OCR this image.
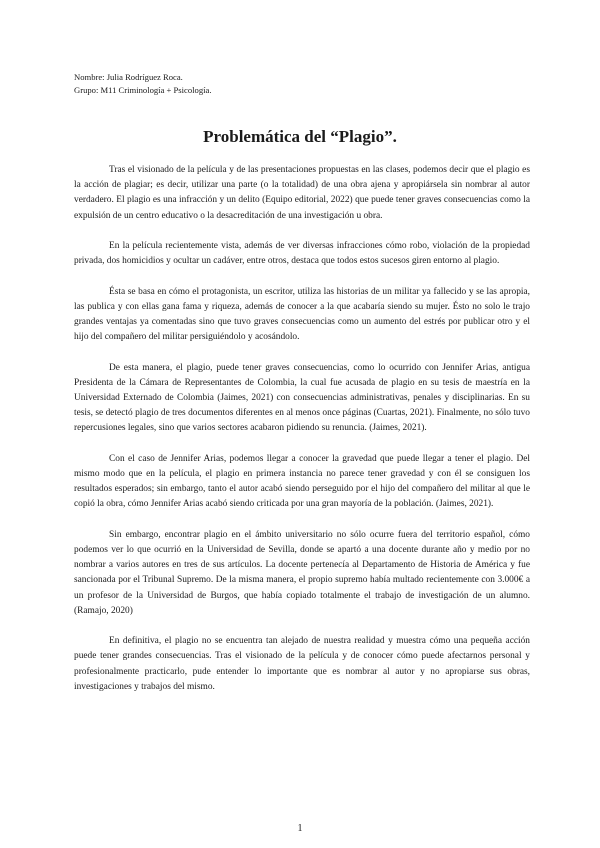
Nombre: Julia Rodríguez Roca.
Grupo: M11 Criminología + Psicología.
Problemática del “Plagio”.

Tras el visionado de la película y de las presentaciones propuestas en las clases, podemos decir que el plagio es la acción de plagiar; es decir, utilizar una parte (o la totalidad) de una obra ajena y apropiársela sin nombrar al autor verdadero. El plagio es una infracción y un delito (Equipo editorial, 2022) que puede tener graves consecuencias como la expulsión de un centro educativo o la desacreditación de una investigación u obra.

En la película recientemente vista, además de ver diversas infracciones cómo robo, violación de la propiedad privada, dos homicidios y ocultar un cadáver, entre otros, destaca que todos estos sucesos giren entorno al plagio.

Ésta se basa en cómo el protagonista, un escritor, utiliza las historias de un militar ya fallecido y se las apropia, las publica y con ellas gana fama y riqueza, además de conocer a la que acabaría siendo su mujer. Ésto no solo le trajo grandes ventajas ya comentadas sino que tuvo graves consecuencias como un aumento del estrés por publicar otro y el hijo del compañero del militar persiguiéndolo y acosándolo.

De esta manera, el plagio, puede tener graves consecuencias, como lo ocurrido con Jennifer Arias, antigua Presidenta de la Cámara de Representantes de Colombia, la cual fue acusada de plagio en su tesis de maestría en la Universidad Externado de Colombia (Jaimes, 2021) con consecuencias administrativas, penales y disciplinarias. En su tesis, se detectó plagio de tres documentos diferentes en al menos once páginas (Cuartas, 2021). Finalmente, no sólo tuvo repercusiones legales, sino que varios sectores acabaron pidiendo su renuncia. (Jaimes, 2021).

Con el caso de Jennifer Arias, podemos llegar a conocer la gravedad que puede llegar a tener el plagio. Del mismo modo que en la película, el plagio en primera instancia no parece tener gravedad y con él se consiguen los resultados esperados; sin embargo, tanto el autor acabó siendo perseguido por el hijo del compañero del militar al que le copió la obra, cómo Jennifer Arias acabó siendo criticada por una gran mayoría de la población. (Jaimes, 2021).

Sin embargo, encontrar plagio en el ámbito universitario no sólo ocurre fuera del territorio español, cómo podemos ver lo que ocurrió en la Universidad de Sevilla, donde se apartó a una docente durante año y medio por no nombrar a varios autores en tres de sus artículos. La docente pertenecía al Departamento de Historia de América y fue sancionada por el Tribunal Supremo. De la misma manera, el propio supremo había multado recientemente con 3.000€ a un profesor de la Universidad de Burgos, que había copiado totalmente el trabajo de investigación de un alumno. (Ramajo, 2020)

En definitiva, el plagio no se encuentra tan alejado de nuestra realidad y muestra cómo una pequeña acción puede tener grandes consecuencias. Tras el visionado de la película y de conocer cómo puede afectarnos personal y profesionalmente practicarlo, pude entender lo importante que es nombrar al autor y no apropiarse sus obras, investigaciones y trabajos del mismo.

1
